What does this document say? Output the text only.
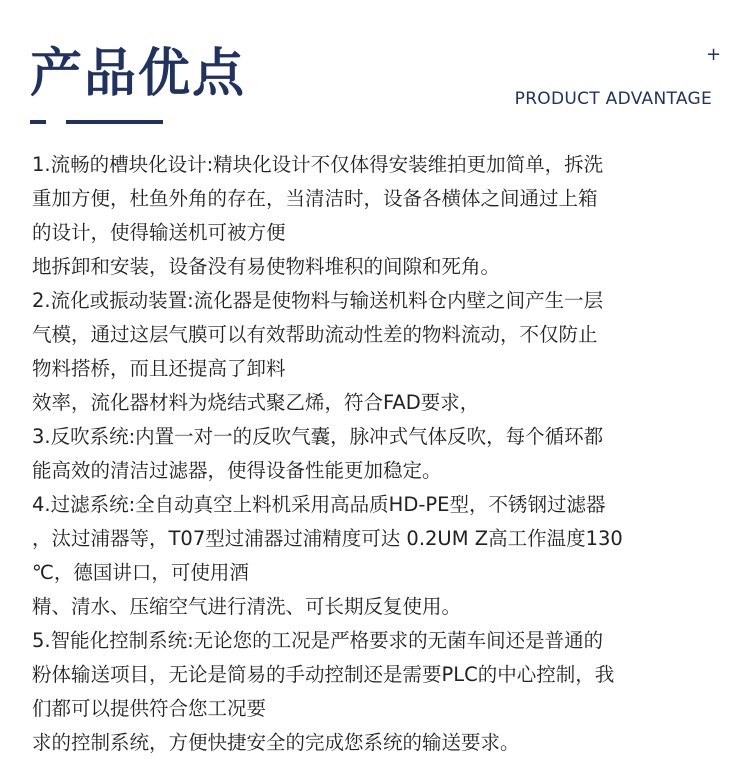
产品优点	+
PRODUCT ADVANTAGE

1.流畅的槽块化设计:精块化设计不仅体得安装维拍更加简单，拆洗

重加方便，杜鱼外角的存在，当清洁时，设备各横体之间通过上箱

的设计，使得输送机可被方便

地拆卸和安装，设备没有易使物料堆积的间隙和死角。

2.流化或振动装置:流化器是使物料与输送机料仓内壁之间产生一层

气模，通过这层气膜可以有效帮助流动性差的物料流动，不仅防止

物料搭桥，而且还提高了卸料

效率，流化器材料为烧结式聚乙烯，符合FAD要求，

3.反吹系统:内置一对一的反吹气囊，脉冲式气体反吹，每个循环都

能高效的清洁过滤器，使得设备性能更加稳定。

4.过滤系统:全自动真空上料机采用高品质HD-PE型，不锈钢过滤器

，汰过浦器等，T07型过浦器过浦精度可达 0.2UM Z高工作温度130

℃，德国讲口，可使用酒

精、清水、压缩空气进行清洗、可长期反复使用。

5.智能化控制系统:无论您的工况是严格要求的无菌车间还是普通的

粉体输送项目，无论是简易的手动控制还是需要PLC的中心控制，我

们都可以提供符合您工况要

求的控制系统，方便快捷安全的完成您系统的输送要求。
